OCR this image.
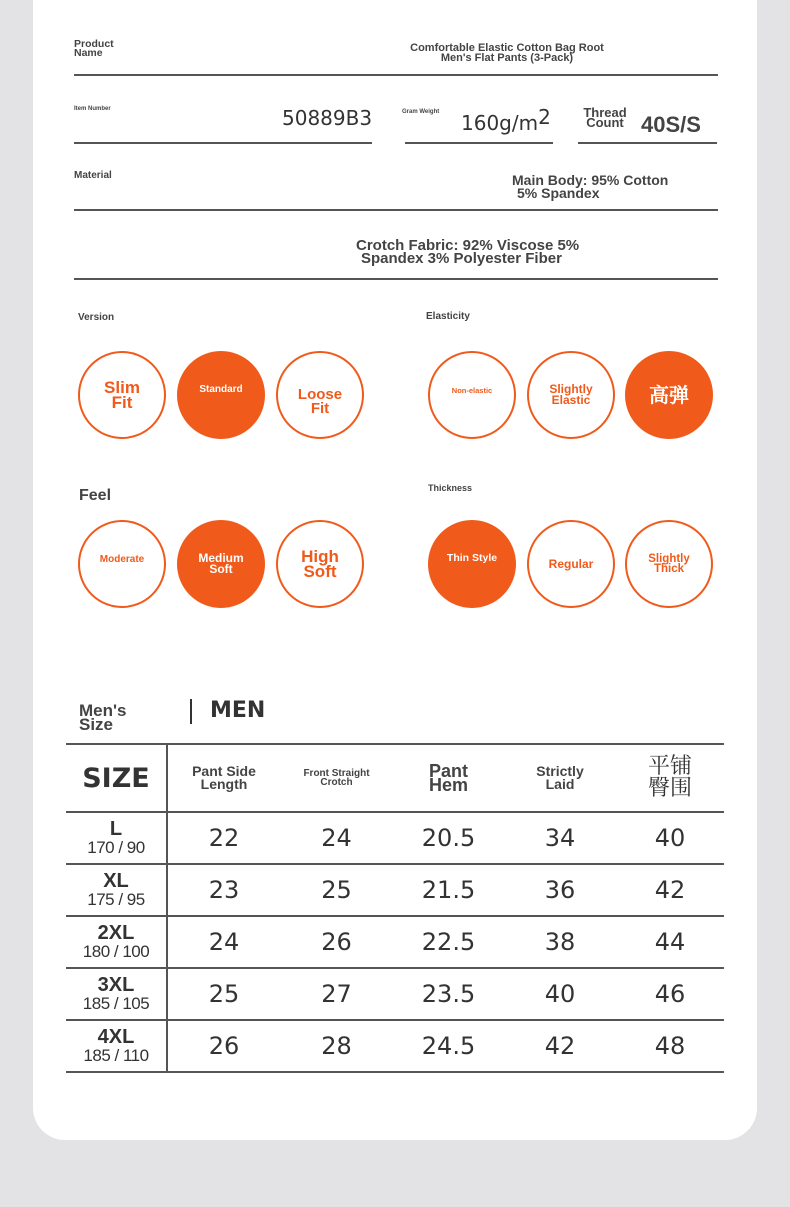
Product Name	Comfortable Elastic Cotton Bag Root Men's Flat Pants (3-Pack)
Item Number	50889B3	Gram Weight $160g/m^2$	Thread Count 40S/S
Material	Main Body: 95% Cotton
5% Spandex
Crotch Fabric: 92% Viscose 5%
Spandex 3% Polyester Fiber
Version
Slim Fit
Standard	Loose Fit
Elasticity
Non-elastic	Slightly Elastic	高弹
Feel
Moderate	Medium Soft
High Soft
Thickness
Thin Style	Regular	Slightly Thick
Men's Size
MEN
SIZE	Pant Side Length	Front Straight Crotch	Pant Hem	Strictly Laid	平铺臀围

L
170 / 90	22	24	20.5	34	40

XL
175 / 95	23	25	21.5	36	42

2XL
180 / 100	24	26	22.5	38	44

3XL
185 / 105	25	27	23.5	40	46

4XL
185 / 110	26	28	24.5	42	48
